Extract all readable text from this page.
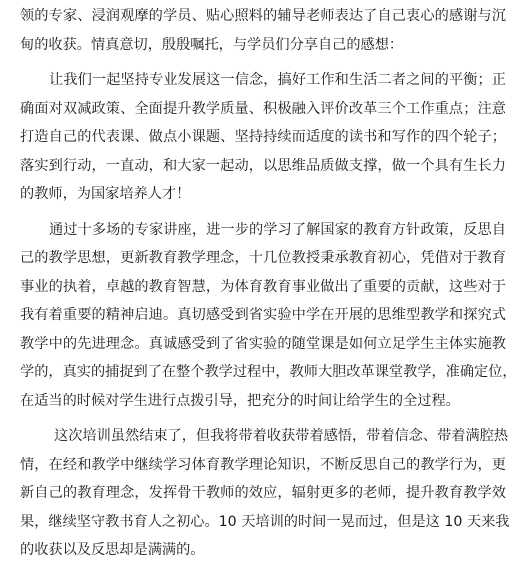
领的专家、浸润观摩的学员、贴心照料的辅导老师表达了自己衷心的感谢与沉
甸的收获。情真意切，殷殷嘱托，与学员们分享自己的感想：
让我们一起坚持专业发展这一信念，搞好工作和生活二者之间的平衡；正
确面对双减政策、全面提升教学质量、积极融入评价改革三个工作重点；注意
打造自己的代表课、做点小课题、坚持持续而适度的读书和写作的四个轮子；
落实到行动，一直动，和大家一起动，以思维品质做支撑，做一个具有生长力
的教师，为国家培养人才！
通过十多场的专家讲座，进一步的学习了解国家的教育方针政策，反思自
己的教学思想，更新教育教学理念，十几位教授秉承教育初心，凭借对于教育
事业的执着，卓越的教育智慧，为体育教育事业做出了重要的贡献，这些对于
我有着重要的精神启迪。真切感受到省实验中学在开展的思维型教学和探究式
教学中的先进理念。真诚感受到了省实验的随堂课是如何立足学生主体实施教
学的，真实的捕捉到了在整个教学过程中，教师大胆改革课堂教学，准确定位，
在适当的时候对学生进行点拨引导，把充分的时间让给学生的全过程。
这次培训虽然结束了，但我将带着收获带着感悟，带着信念、带着满腔热
情，在经和教学中继续学习体育教学理论知识，不断反思自己的教学行为，更
新自己的教育理念，发挥骨干教师的效应，辐射更多的老师，提升教育教学效
果，继续坚守教书育人之初心。10 天培训的时间一晃而过，但是这 10 天来我
的收获以及反思却是满满的。
